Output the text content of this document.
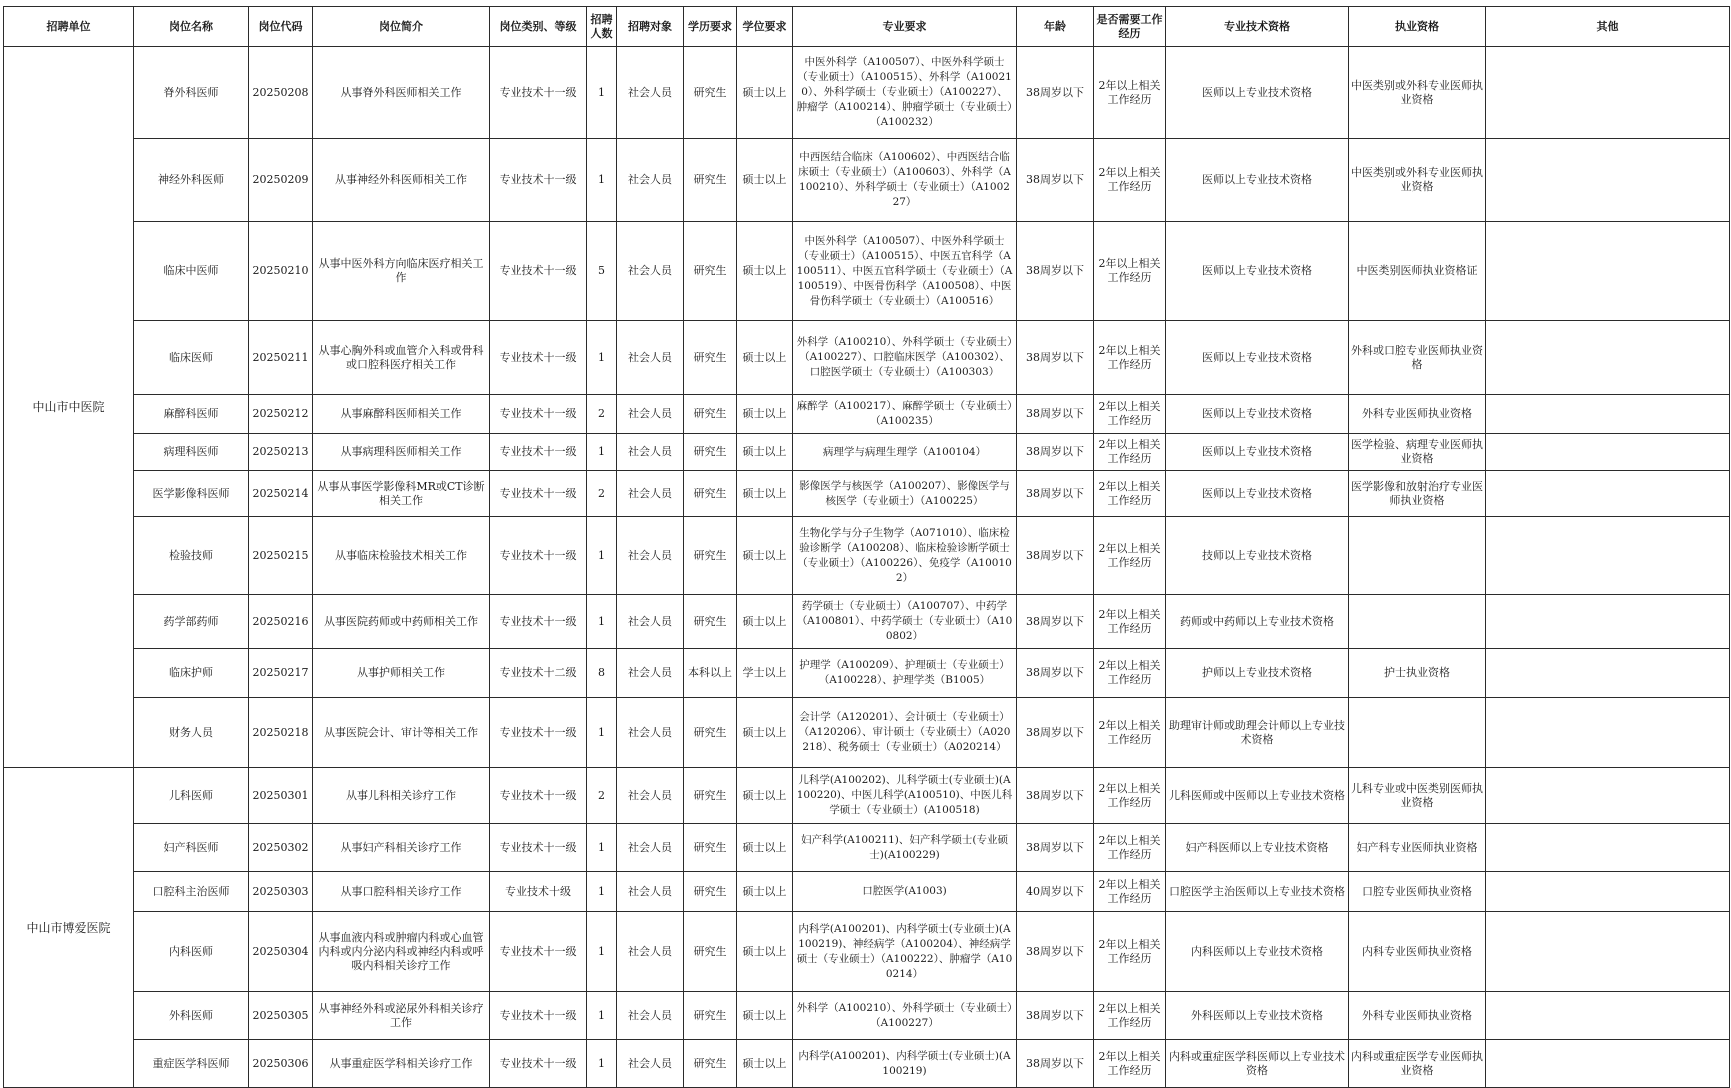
招聘单位	岗位名称	岗位代码	岗位简介	岗位类别、等级	招聘人数	招聘对象	学历要求	学位要求	专业要求	年龄	是否需要工作经历	专业技术资格	执业资格	其他
中山市中医院	脊外科医师	20250208	从事脊外科医师相关工作	专业技术十一级	1	社会人员	研究生	硕士以上	中医外科学（A100507）、中医外科学硕士（专业硕士）（A100515）、外科学（A100210）、外科学硕士（专业硕士）（A100227）、肿瘤学（A100214）、肿瘤学硕士（专业硕士）（A100232）	38周岁以下	2年以上相关工作经历	医师以上专业技术资格	中医类别或外科专业医师执业资格	
	神经外科医师	20250209	从事神经外科医师相关工作	专业技术十一级	1	社会人员	研究生	硕士以上	中西医结合临床（A100602）、中西医结合临床硕士（专业硕士）（A100603）、外科学（A100210）、外科学硕士（专业硕士）（A100227）	38周岁以下	2年以上相关工作经历	医师以上专业技术资格	中医类别或外科专业医师执业资格	
	临床中医师	20250210	从事中医外科方向临床医疗相关工作	专业技术十一级	5	社会人员	研究生	硕士以上	中医外科学（A100507）、中医外科学硕士（专业硕士）（A100515）、中医五官科学（A100511）、中医五官科学硕士（专业硕士）（A100519）、中医骨伤科学（A100508）、中医骨伤科学硕士（专业硕士）（A100516）	38周岁以下	2年以上相关工作经历	医师以上专业技术资格	中医类别医师执业资格证	
	临床医师	20250211	从事心胸外科或血管介入科或骨科或口腔科医疗相关工作	专业技术十一级	1	社会人员	研究生	硕士以上	外科学（A100210）、外科学硕士（专业硕士）（A100227）、口腔临床医学（A100302）、口腔医学硕士（专业硕士）（A100303）	38周岁以下	2年以上相关工作经历	医师以上专业技术资格	外科或口腔专业医师执业资格	
	麻醉科医师	20250212	从事麻醉科医师相关工作	专业技术十一级	2	社会人员	研究生	硕士以上	麻醉学（A100217）、麻醉学硕士（专业硕士）（A100235）	38周岁以下	2年以上相关工作经历	医师以上专业技术资格	外科专业医师执业资格	
	病理科医师	20250213	从事病理科医师相关工作	专业技术十一级	1	社会人员	研究生	硕士以上	病理学与病理生理学（A100104）	38周岁以下	2年以上相关工作经历	医师以上专业技术资格	医学检验、病理专业医师执业资格	
	医学影像科医师	20250214	从事从事医学影像科MR或CT诊断相关工作	专业技术十一级	2	社会人员	研究生	硕士以上	影像医学与核医学（A100207）、影像医学与核医学（专业硕士）（A100225）	38周岁以下	2年以上相关工作经历	医师以上专业技术资格	医学影像和放射治疗专业医师执业资格	
	检验技师	20250215	从事临床检验技术相关工作	专业技术十一级	1	社会人员	研究生	硕士以上	生物化学与分子生物学（A071010）、临床检验诊断学（A100208）、临床检验诊断学硕士（专业硕士）（A100226）、免疫学（A100102）	38周岁以下	2年以上相关工作经历	技师以上专业技术资格		
	药学部药师	20250216	从事医院药师或中药师相关工作	专业技术十一级	1	社会人员	研究生	硕士以上	药学硕士（专业硕士）（A100707）、中药学（A100801）、中药学硕士（专业硕士）（A100802）	38周岁以下	2年以上相关工作经历	药师或中药师以上专业技术资格		
	临床护师	20250217	从事护师相关工作	专业技术十二级	8	社会人员	本科以上	学士以上	护理学（A100209）、护理硕士（专业硕士）（A100228）、护理学类（B1005）	38周岁以下	2年以上相关工作经历	护师以上专业技术资格	护士执业资格	
	财务人员	20250218	从事医院会计、审计等相关工作	专业技术十一级	1	社会人员	研究生	硕士以上	会计学（A120201）、会计硕士（专业硕士）（A120206）、审计硕士（专业硕士）（A020218）、税务硕士（专业硕士）（A020214）	38周岁以下	2年以上相关工作经历	助理审计师或助理会计师以上专业技术资格		
中山市博爱医院	儿科医师	20250301	从事儿科相关诊疗工作	专业技术十一级	2	社会人员	研究生	硕士以上	儿科学(A100202)、儿科学硕士(专业硕士)(A100220)、中医儿科学(A100510)、中医儿科学硕士（专业硕士）(A100518)	38周岁以下	2年以上相关工作经历	儿科医师或中医师以上专业技术资格	儿科专业或中医类别医师执业资格	
	妇产科医师	20250302	从事妇产科相关诊疗工作	专业技术十一级	1	社会人员	研究生	硕士以上	妇产科学(A100211)、妇产科学硕士(专业硕士)(A100229)	38周岁以下	2年以上相关工作经历	妇产科医师以上专业技术资格	妇产科专业医师执业资格	
	口腔科主治医师	20250303	从事口腔科相关诊疗工作	专业技术十级	1	社会人员	研究生	硕士以上	口腔医学(A1003)	40周岁以下	2年以上相关工作经历	口腔医学主治医师以上专业技术资格	口腔专业医师执业资格	
	内科医师	20250304	从事血液内科或肿瘤内科或心血管内科或内分泌内科或神经内科或呼吸内科相关诊疗工作	专业技术十一级	1	社会人员	研究生	硕士以上	内科学(A100201)、内科学硕士(专业硕士)(A100219)、神经病学（A100204）、神经病学硕士（专业硕士）（A100222）、肿瘤学（A100214）	38周岁以下	2年以上相关工作经历	内科医师以上专业技术资格	内科专业医师执业资格	
	外科医师	20250305	从事神经外科或泌尿外科相关诊疗工作	专业技术十一级	1	社会人员	研究生	硕士以上	外科学（A100210）、外科学硕士（专业硕士）（A100227）	38周岁以下	2年以上相关工作经历	外科医师以上专业技术资格	外科专业医师执业资格	
	重症医学科医师	20250306	从事重症医学科相关诊疗工作	专业技术十一级	1	社会人员	研究生	硕士以上	内科学(A100201)、内科学硕士(专业硕士)(A100219)	38周岁以下	2年以上相关工作经历	内科或重症医学科医师以上专业技术资格	内科或重症医学专业医师执业资格	
